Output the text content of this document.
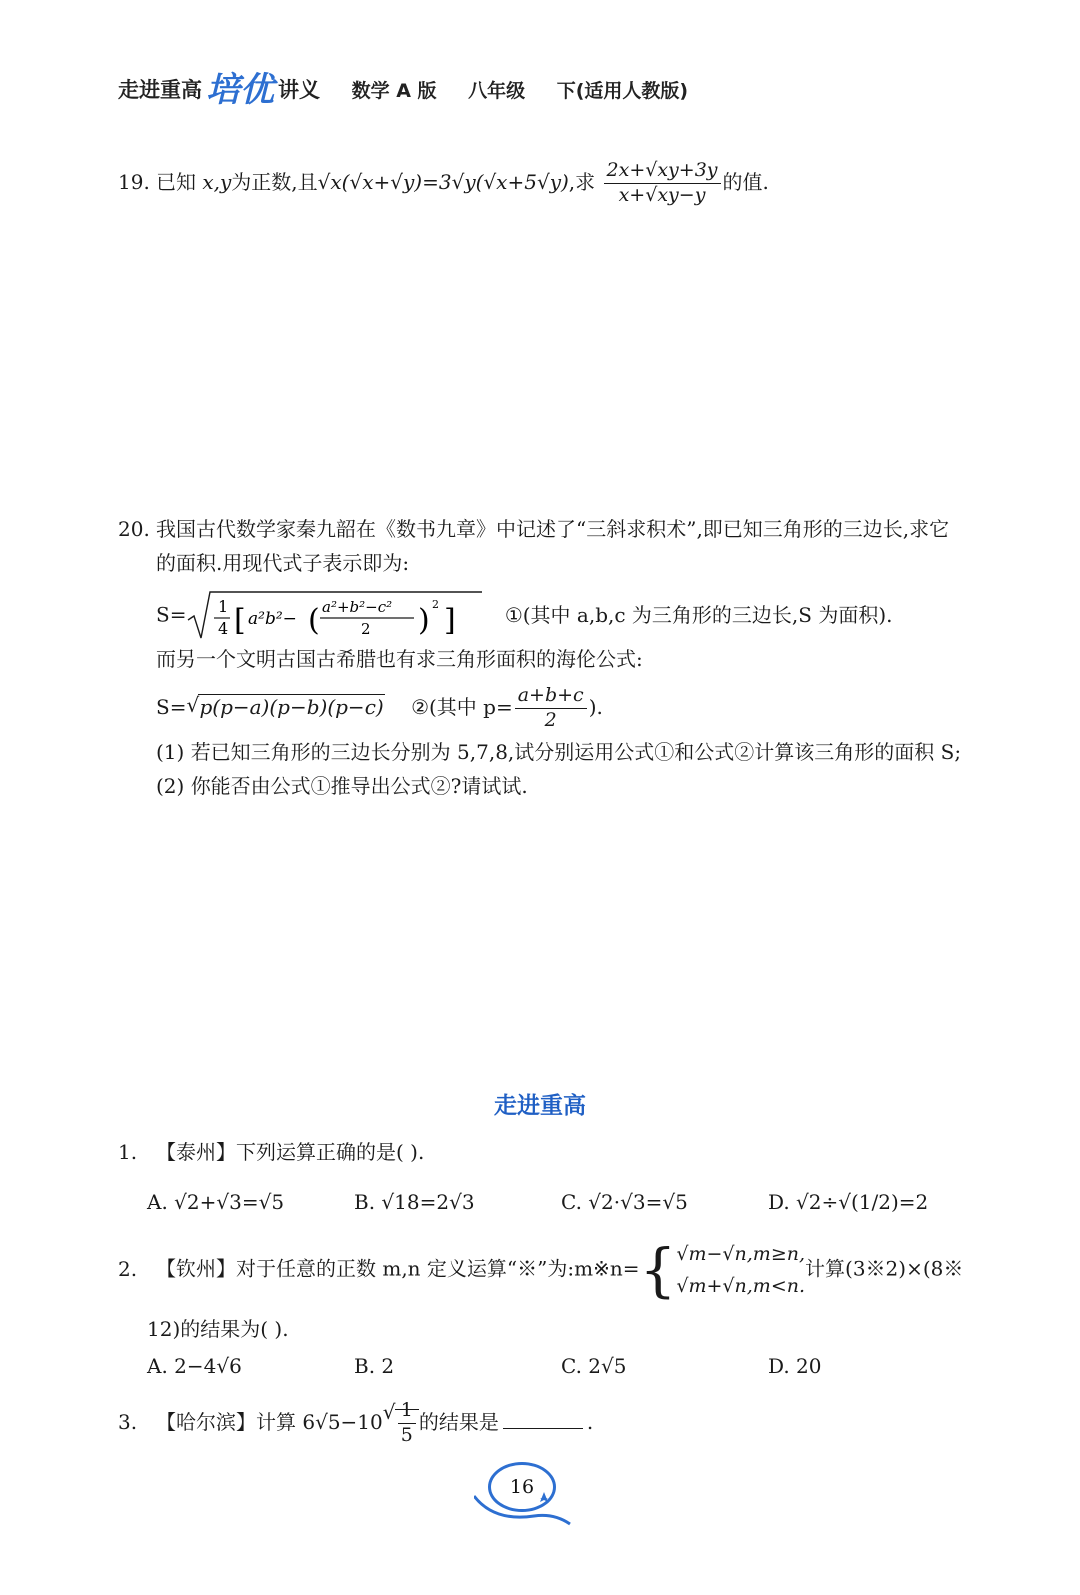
走进重高 培优 讲义 数学 A 版 八年级 下(适用人教版)
19. 已知 x,y为正数,且√x(√x+√y)=3√y(√x+5√y),求 $\frac{2x+√xy+3y}{x+√xy-y}$ 的值.
20. 我国古代数学家秦九韶在《数书九章》中记述了“三斜求积术”,即已知三角形的三边长,求它
的面积.用现代式子表示即为:
S= 1
4 [ a²b²− ( a²+b²−c²
2 ) 2 ] ①(其中 a,b,c 为三角形的三边长,S 为面积).
而另一个文明古国古希腊也有求三角形面积的海伦公式:
S= √ p(p−a)(p−b)(p−c) ②(其中 $p= \frac{a+b+c}{2}$ ).
(1) 若已知三角形的三边长分别为 5,7,8,试分别运用公式①和公式②计算该三角形的面积 S;
(2) 你能否由公式①推导出公式②?请试试.
走进重高
1. 【泰州】下列运算正确的是( ).
A. √2+√3=√5	B. √18=2√3	C. √2·√3=√5	D. √2÷√(1/2)=2
2. 【钦州】对于任意的正数 m,n 定义运算“※”为:m※n={ √m−√n,m≥n,
√m+√n,m<n.
计算(3※2)×(8※
12)的结果为( ).
A. 2−4√6	B. 2	C. 2√5	D. 20
3. 【哈尔滨】计算 6√5−10 √ $\frac{1}{5}$ 的结果是	.
16
